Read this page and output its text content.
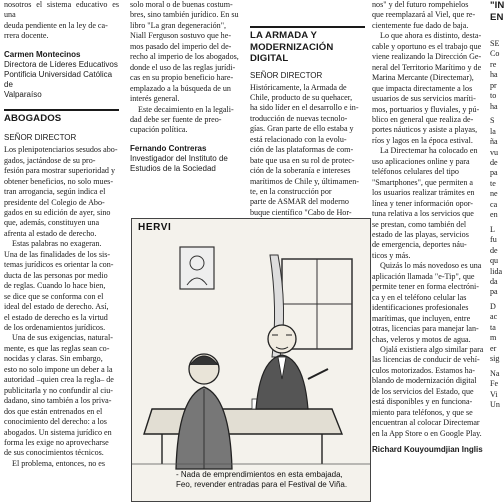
nosotros el sistema educativo es una

deuda pendiente en la ley de ca-

rrera docente.

Carmen Montecinos

Directora de Líderes Educativos

Pontificia Universidad Católica de

Valparaíso

ABOGADOS

SEÑOR DIRECTOR

Los plenipotenciarios sesudos abo-

gados, jactándose de su pro-

fesión para mostrar superioridad y

obtener beneficios, no solo mues-

tran arrogancia, según indica el

presidente del Colegio de Abo-

gados en su edición de ayer, sino

que, además, constituyen una

afrenta al estado de derecho.

Estas palabras no exageran.

Una de las finalidades de los sis-

temas jurídicos es orientar la con-

ducta de las personas por medio

de reglas. Cuando lo hace bien,

se dice que se conforma con el

ideal del estado de derecho. Así,

el estado de derecho es la virtud

de los ordenamientos jurídicos.

Una de sus exigencias, natural-

mente, es que las reglas sean co-

nocidas y claras. Sin embargo,

esto no solo impone un deber a la

autoridad –quien crea la regla– de

publicitarla y no confundir al ciu-

dadano, sino también a los priva-

dos que están entrenados en el

conocimiento del derecho: a los

abogados. Un sistema jurídico en

forma les exige no aprovecharse

de sus conocimientos técnicos.

El problema, entonces, no es

solo moral o de buenas costum-

bres, sino también jurídico. En su

libro "La gran degeneración",

Niall Ferguson sostuvo que he-

mos pasado del imperio del de-

recho al imperio de los abogados,

donde el uso de las reglas jurídi-

cas en su propio beneficio hare-

emplazado a la búsqueda de un

interés general.

Este decaimiento en la legali-

dad debe ser fuente de preo-

cupación política.

Fernando Contreras

Investigador del Instituto de

Estudios de la Sociedad

LA ARMADA Y

MODERNIZACIÓN DIGITAL

SEÑOR DIRECTOR

Históricamente, la Armada de

Chile, producto de su quehacer,

ha sido líder en el desarrollo e in-

troducción de nuevas tecnolo-

gías. Gran parte de ello estaba y

está relacionado con la evolu-

ción de las plataformas de com-

bate que usa en su rol de protec-

ción de la soberanía e intereses

marítimos de Chile y, últimamen-

te, en la construcción por

parte de ASMAR del moderno

buque científico "Cabo de Hor-

nos" y del futuro rompehielos

que reemplazará al Viel, que re-

cientemente fue dado de baja.

Lo que ahora es distinto, desta-

cable y oportuno es el trabajo que

viene realizando la Dirección Ge-

neral del Territorio Marítimo y de

Marina Mercante (Directemar),

que impacta directamente a los

usuarios de sus servicios maríti-

mos, portuarios y fluviales, y pú-

blico en general que realiza de-

portes náuticos y asiste a playas,

ríos y lagos en la época estival.

La Directemar ha colocado en

uso aplicaciones online y para

teléfonos celulares del tipo

"Smartphones", que permiten a

los usuarios realizar trámites en

línea y tener información opor-

tuna relativa a los servicios que

se prestan, como también del

estado de las playas, servicios

de emergencia, deportes náu-

ticos y más.

Quizás lo más novedoso es una

aplicación llamada "e-Tip", que

permite tener en forma electróni-

ca y en el teléfono celular las

identificaciones profesionales

marítimas, que incluyen, entre

otras, licencias para manejar lan-

chas, veleros y motos de agua.

Ojalá existiera algo similar para

las licencias de conducir de vehí-

culos motorizados. Estamos ha-

blando de modernización digital

de los servicios del Estado, que

está disponibles y en funciona-

miento para teléfonos, y que se

encuentran al colocar Directemar

en la App Store o en Google Play.

Richard Kouyoumdjian Inglis

"IN

EN

SE

Co

re

ha

pr

to

ha

S

la

ña

vu

de

pa

te

ne

ca

en

L

fu

de

qu

lida

da

pa

D

ac

ta

m

er

sig

Na

Fe

Vi

Un

HERVI
- Nada de emprendimientos en esta embajada,
Feo, revender entradas para el Festival de Viña.
